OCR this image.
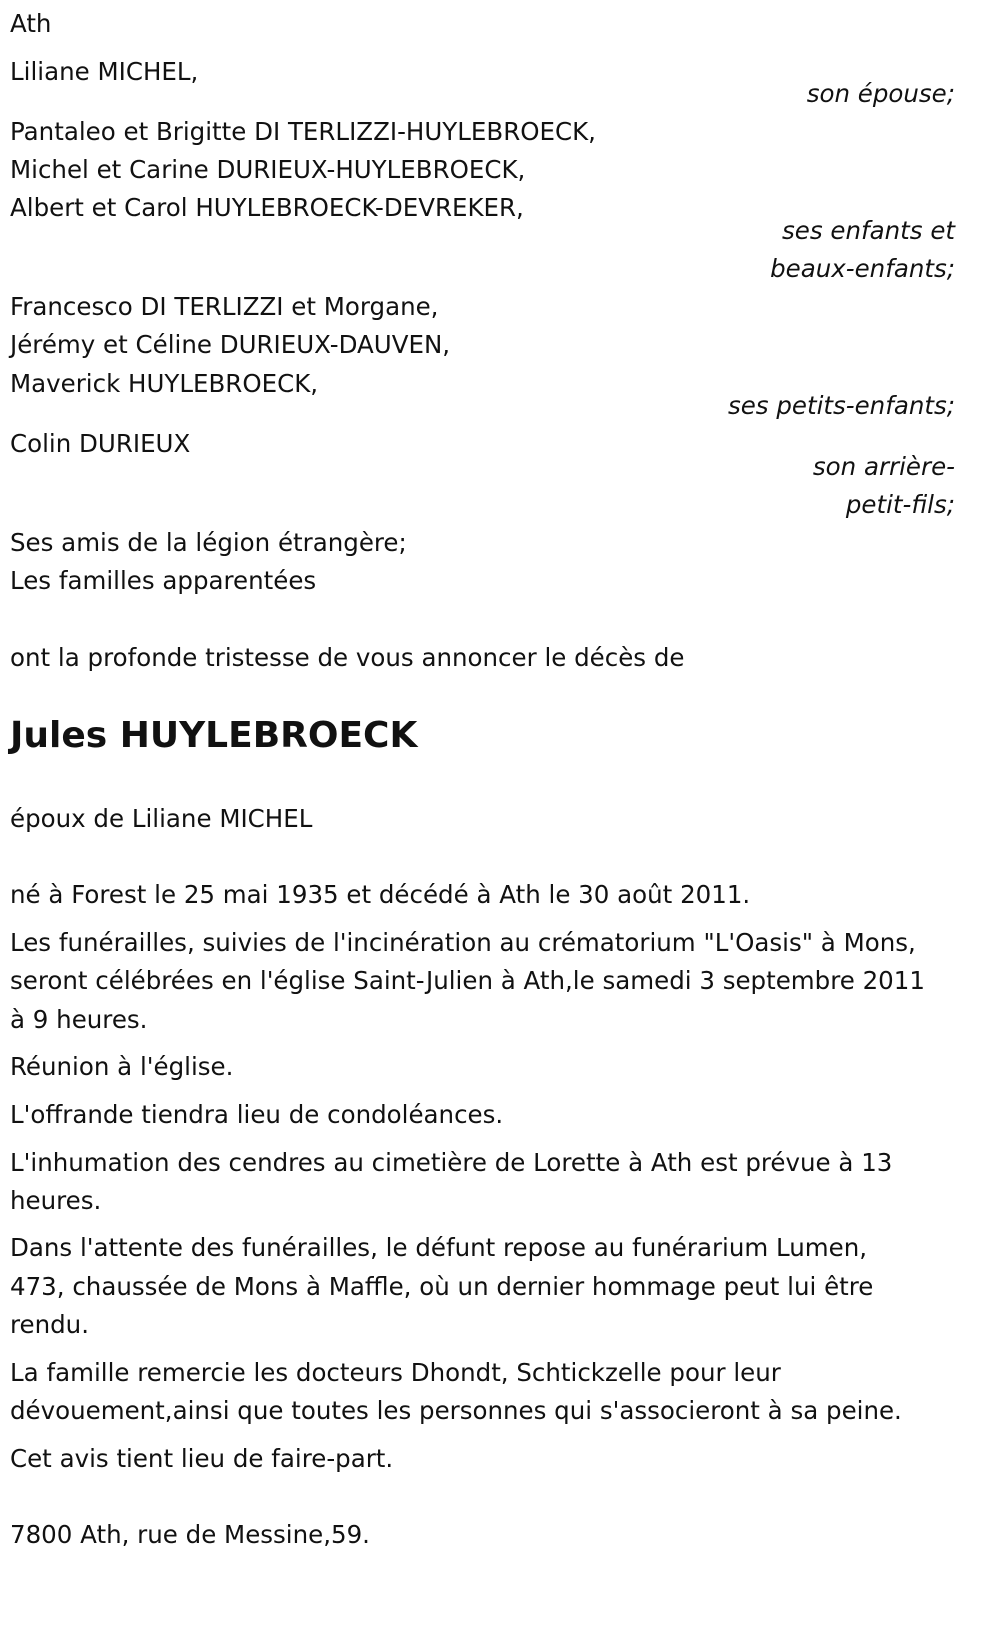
Ath
Liliane MICHEL,
son épouse;
Pantaleo et Brigitte DI TERLIZZI-HUYLEBROECK,
Michel et Carine DURIEUX-HUYLEBROECK,
Albert et Carol HUYLEBROECK-DEVREKER,
ses enfants et
beaux-enfants;
Francesco DI TERLIZZI et Morgane,
Jérémy et Céline DURIEUX-DAUVEN,
Maverick HUYLEBROECK,
ses petits-enfants;
Colin DURIEUX
son arrière-
petit-fils;
Ses amis de la légion étrangère;
Les familles apparentées
ont la profonde tristesse de vous annoncer le décès de
Jules HUYLEBROECK
époux de Liliane MICHEL
né à Forest le 25 mai 1935 et décédé à Ath le 30 août 2011.
Les funérailles, suivies de l'incinération au crématorium "L'Oasis" à Mons,
seront célébrées en l'église Saint-Julien à Ath,le samedi 3 septembre 2011
à 9 heures.
Réunion à l'église.
L'offrande tiendra lieu de condoléances.
L'inhumation des cendres au cimetière de Lorette à Ath est prévue à 13
heures.
Dans l'attente des funérailles, le défunt repose au funérarium Lumen,
473, chaussée de Mons à Maffle, où un dernier hommage peut lui être
rendu.
La famille remercie les docteurs Dhondt, Schtickzelle pour leur
dévouement,ainsi que toutes les personnes qui s'associeront à sa peine.
Cet avis tient lieu de faire-part.
7800 Ath, rue de Messine,59.
